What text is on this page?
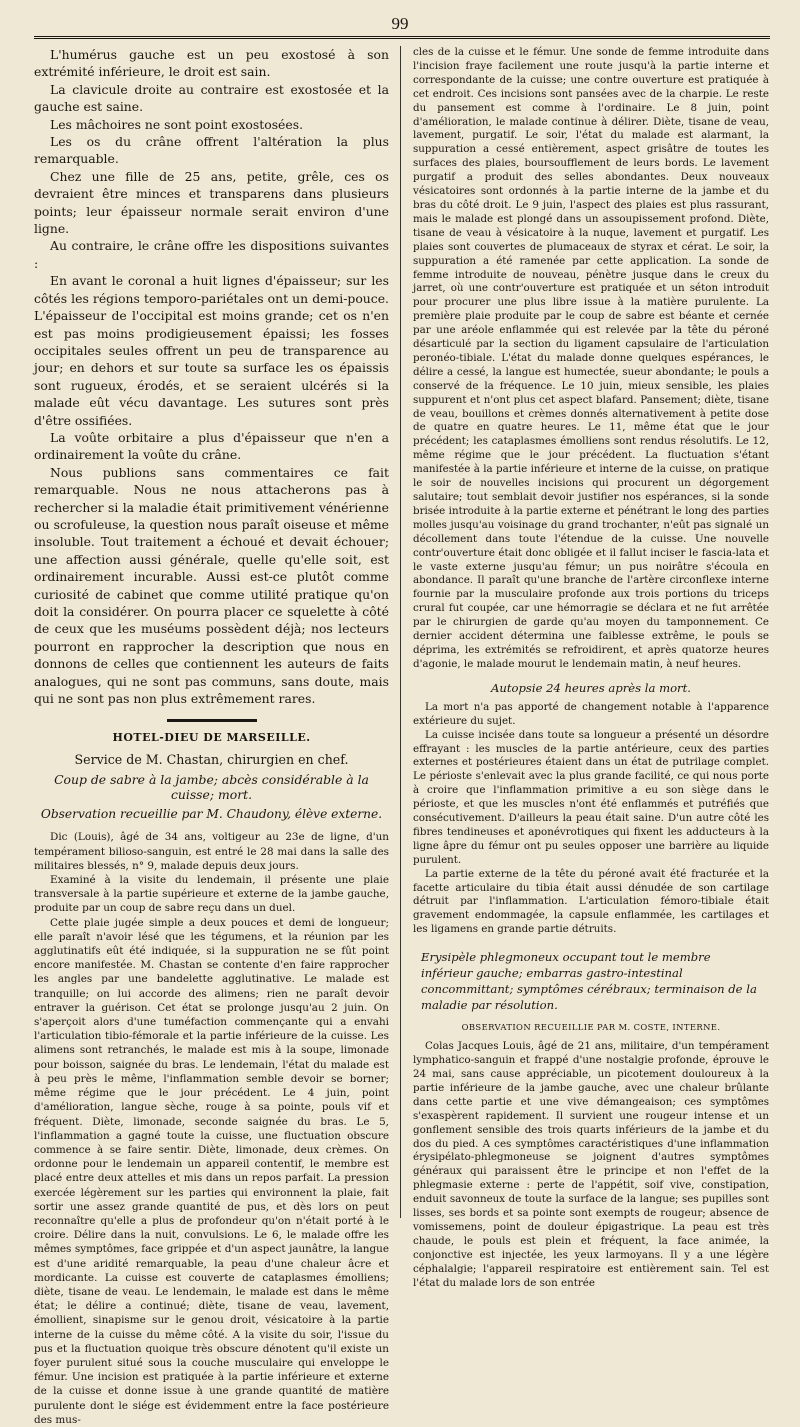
99

L'humérus gauche est un peu exostosé à son extrémité inférieure, le droit est sain.

La clavicule droite au contraire est exostosée et la gauche est saine.

Les mâchoires ne sont point exostosées.

Les os du crâne offrent l'altération la plus remarquable.

Chez une fille de 25 ans, petite, grêle, ces os devraient être minces et transparens dans plusieurs points; leur épaisseur normale serait environ d'une ligne.

Au contraire, le crâne offre les dispositions suivantes :

En avant le coronal a huit lignes d'épaisseur; sur les côtés les régions temporo-pariétales ont un demi-pouce. L'épaisseur de l'occipital est moins grande; cet os n'en est pas moins prodigieusement épaissi; les fosses occipitales seules offrent un peu de transparence au jour; en dehors et sur toute sa surface les os épaissis sont rugueux, érodés, et se seraient ulcérés si la malade eût vécu davantage. Les sutures sont près d'être ossifiées.

La voûte orbitaire a plus d'épaisseur que n'en a ordinairement la voûte du crâne.

Nous publions sans commentaires ce fait remarquable. Nous ne nous attacherons pas à rechercher si la maladie était primitivement vénérienne ou scrofuleuse, la question nous paraît oiseuse et même insoluble. Tout traitement a échoué et devait échouer; une affection aussi générale, quelle qu'elle soit, est ordinairement incurable. Aussi est-ce plutôt comme curiosité de cabinet que comme utilité pratique qu'on doit la considérer. On pourra placer ce squelette à côté de ceux que les muséums possèdent déjà; nos lecteurs pourront en rapprocher la description que nous en donnons de celles que contiennent les auteurs de faits analogues, qui ne sont pas communs, sans doute, mais qui ne sont pas non plus extrêmement rares.

HOTEL-DIEU DE MARSEILLE.
Service de M. Chastan, chirurgien en chef.
Coup de sabre à la jambe; abcès considérable à la cuisse; mort.
Observation recueillie par M. Chaudony, élève externe.

Dic (Louis), âgé de 34 ans, voltigeur au 23e de ligne, d'un tempérament bilioso-sanguin, est entré le 28 mai dans la salle des militaires blessés, n° 9, malade depuis deux jours.

Examiné à la visite du lendemain, il présente une plaie transversale à la partie supérieure et externe de la jambe gauche, produite par un coup de sabre reçu dans un duel.

Cette plaie jugée simple a deux pouces et demi de longueur; elle paraît n'avoir lésé que les tégumens, et la réunion par les agglutinatifs eût été indiquée, si la suppuration ne se fût point encore manifestée. M. Chastan se contente d'en faire rapprocher les angles par une bandelette agglutinative. Le malade est tranquille; on lui accorde des alimens; rien ne paraît devoir entraver la guérison. Cet état se prolonge jusqu'au 2 juin. On s'aperçoit alors d'une tuméfaction commençante qui a envahi l'articulation tibio-fémorale et la partie inférieure de la cuisse. Les alimens sont retranchés, le malade est mis à la soupe, limonade pour boisson, saignée du bras. Le lendemain, l'état du malade est à peu près le même, l'inflammation semble devoir se borner; même régime que le jour précédent. Le 4 juin, point d'amélioration, langue sèche, rouge à sa pointe, pouls vif et fréquent. Diète, limonade, seconde saignée du bras. Le 5, l'inflammation a gagné toute la cuisse, une fluctuation obscure commence à se faire sentir. Diète, limonade, deux crèmes. On ordonne pour le lendemain un appareil contentif, le membre est placé entre deux attelles et mis dans un repos parfait. La pression exercée légèrement sur les parties qui environnent la plaie, fait sortir une assez grande quantité de pus, et dès lors on peut reconnaître qu'elle a plus de profondeur qu'on n'était porté à le croire. Délire dans la nuit, convulsions. Le 6, le malade offre les mêmes symptômes, face grippée et d'un aspect jaunâtre, la langue est d'une aridité remarquable, la peau d'une chaleur âcre et mordicante. La cuisse est couverte de cataplasmes émolliens; diète, tisane de veau. Le lendemain, le malade est dans le même état; le délire a continué; diète, tisane de veau, lavement, émollient, sinapisme sur le genou droit, vésicatoire à la partie interne de la cuisse du même côté. A la visite du soir, l'issue du pus et la fluctuation quoique très obscure dénotent qu'il existe un foyer purulent situé sous la couche musculaire qui enveloppe le fémur. Une incision est pratiquée à la partie inférieure et externe de la cuisse et donne issue à une grande quantité de matière purulente dont le siége est évidemment entre la face postérieure des mus-

cles de la cuisse et le fémur. Une sonde de femme introduite dans l'incision fraye facilement une route jusqu'à la partie interne et correspondante de la cuisse; une contre ouverture est pratiquée à cet endroit. Ces incisions sont pansées avec de la charpie. Le reste du pansement est comme à l'ordinaire. Le 8 juin, point d'amélioration, le malade continue à délirer. Diète, tisane de veau, lavement, purgatif. Le soir, l'état du malade est alarmant, la suppuration a cessé entièrement, aspect grisâtre de toutes les surfaces des plaies, boursoufflement de leurs bords. Le lavement purgatif a produit des selles abondantes. Deux nouveaux vésicatoires sont ordonnés à la partie interne de la jambe et du bras du côté droit. Le 9 juin, l'aspect des plaies est plus rassurant, mais le malade est plongé dans un assoupissement profond. Diète, tisane de veau à vésicatoire à la nuque, lavement et purgatif. Les plaies sont couvertes de plumaceaux de styrax et cérat. Le soir, la suppuration a été ramenée par cette application. La sonde de femme introduite de nouveau, pénètre jusque dans le creux du jarret, où une contr'ouverture est pratiquée et un séton introduit pour procurer une plus libre issue à la matière purulente. La première plaie produite par le coup de sabre est béante et cernée par une aréole enflammée qui est relevée par la tête du péroné désarticulé par la section du ligament capsulaire de l'articulation peronéo-tibiale. L'état du malade donne quelques espérances, le délire a cessé, la langue est humectée, sueur abondante; le pouls a conservé de la fréquence. Le 10 juin, mieux sensible, les plaies suppurent et n'ont plus cet aspect blafard. Pansement; diète, tisane de veau, bouillons et crèmes donnés alternativement à petite dose de quatre en quatre heures. Le 11, même état que le jour précédent; les cataplasmes émolliens sont rendus résolutifs. Le 12, même régime que le jour précédent. La fluctuation s'étant manifestée à la partie inférieure et interne de la cuisse, on pratique le soir de nouvelles incisions qui procurent un dégorgement salutaire; tout semblait devoir justifier nos espérances, si la sonde brisée introduite à la partie externe et pénétrant le long des parties molles jusqu'au voisinage du grand trochanter, n'eût pas signalé un décollement dans toute l'étendue de la cuisse. Une nouvelle contr'ouverture était donc obligée et il fallut inciser le fascia-lata et le vaste externe jusqu'au fémur; un pus noirâtre s'écoula en abondance. Il paraît qu'une branche de l'artère circonflexe interne fournie par la musculaire profonde aux trois portions du triceps crural fut coupée, car une hémorragie se déclara et ne fut arrêtée par le chirurgien de garde qu'au moyen du tamponnement. Ce dernier accident détermina une faiblesse extrême, le pouls se déprima, les extrémités se refroidirent, et après quatorze heures d'agonie, le malade mourut le lendemain matin, à neuf heures.

Autopsie 24 heures après la mort.

La mort n'a pas apporté de changement notable à l'apparence extérieure du sujet.

La cuisse incisée dans toute sa longueur a présenté un désordre effrayant : les muscles de la partie antérieure, ceux des parties externes et postérieures étaient dans un état de putrilage complet. Le périoste s'enlevait avec la plus grande facilité, ce qui nous porte à croire que l'inflammation primitive a eu son siège dans le périoste, et que les muscles n'ont été enflammés et putréfiés que consécutivement. D'ailleurs la peau était saine. D'un autre côté les fibres tendineuses et aponévrotiques qui fixent les adducteurs à la ligne âpre du fémur ont pu seules opposer une barrière au liquide purulent.

La partie externe de la tête du péroné avait été fracturée et la facette articulaire du tibia était aussi dénudée de son cartilage détruit par l'inflammation. L'articulation fémoro-tibiale était gravement endommagée, la capsule enflammée, les cartilages et les ligamens en grande partie détruits.

Erysipèle phlegmoneux occupant tout le membre inférieur gauche; embarras gastro-intestinal concommittant; symptômes cérébraux; terminaison de la maladie par résolution.
OBSERVATION RECUEILLIE PAR M. COSTE, INTERNE.

Colas Jacques Louis, âgé de 21 ans, militaire, d'un tempérament lymphatico-sanguin et frappé d'une nostalgie profonde, éprouve le 24 mai, sans cause appréciable, un picotement douloureux à la partie inférieure de la jambe gauche, avec une chaleur brûlante dans cette partie et une vive démangeaison; ces symptômes s'exaspèrent rapidement. Il survient une rougeur intense et un gonflement sensible des trois quarts inférieurs de la jambe et du dos du pied. A ces symptômes caractéristiques d'une inflammation érysipélato-phlegmoneuse se joignent d'autres symptômes généraux qui paraissent être le principe et non l'effet de la phlegmasie externe : perte de l'appétit, soif vive, constipation, enduit savonneux de toute la surface de la langue; ses pupilles sont lisses, ses bords et sa pointe sont exempts de rougeur; absence de vomissemens, point de douleur épigastrique. La peau est très chaude, le pouls est plein et fréquent, la face animée, la conjonctive est injectée, les yeux larmoyans. Il y a une légère céphalalgie; l'appareil respiratoire est entièrement sain. Tel est l'état du malade lors de son entrée
